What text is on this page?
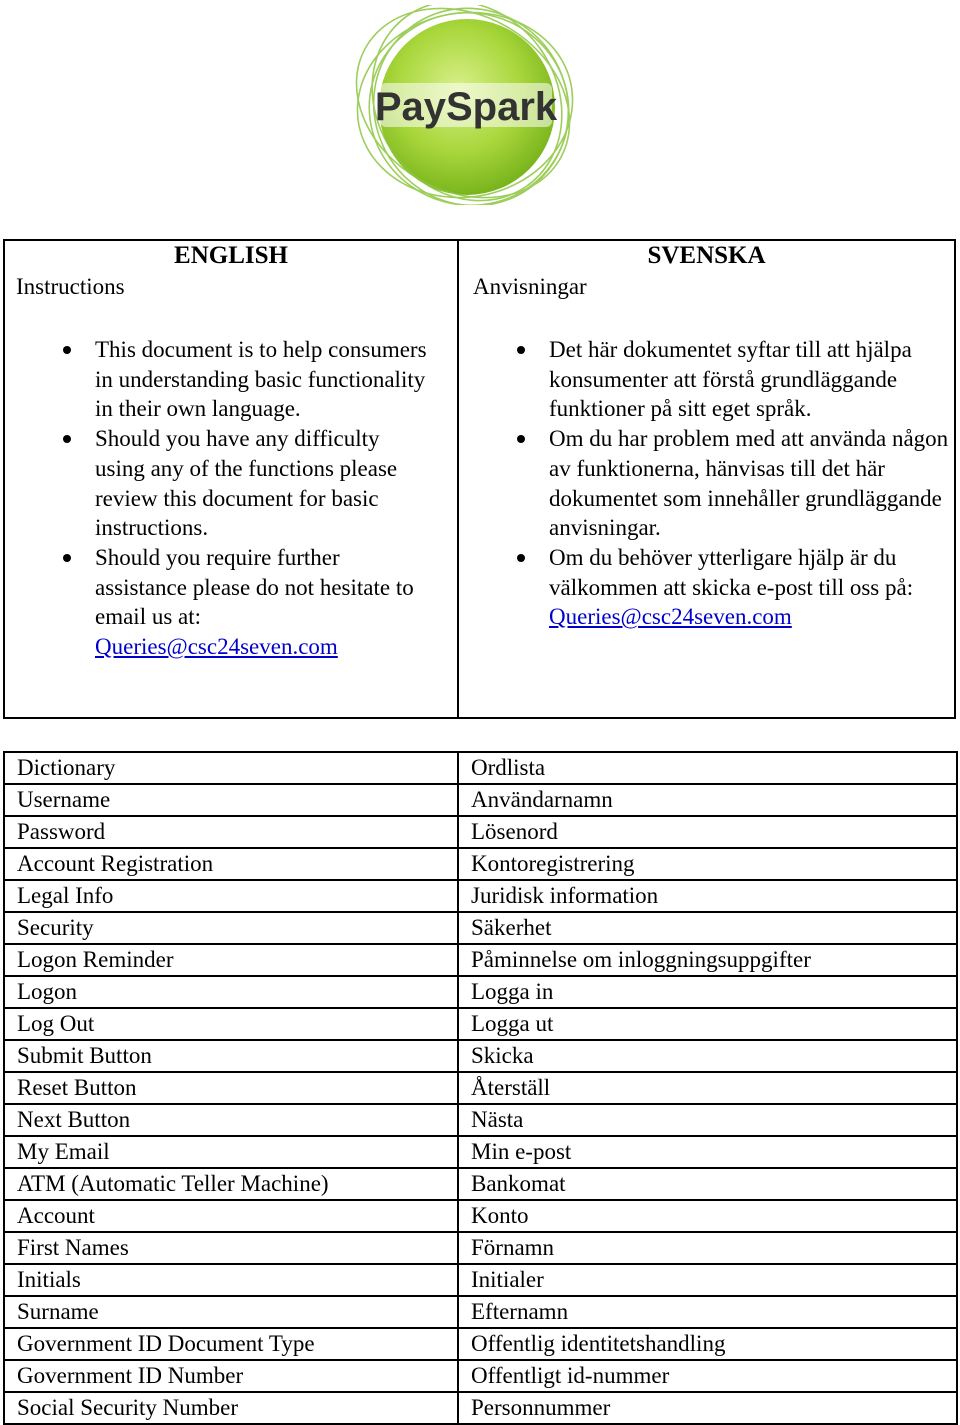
PaySpark
ENGLISH
Instructions
This document is to help consumers in understanding basic functionality in their own language.
Should you have any difficulty using any of the functions please review this document for basic instructions.
Should you require further assistance please do not hesitate to email us at: Queries@csc24seven.com
SVENSKA
Anvisningar
Det här dokumentet syftar till att hjälpa konsumenter att förstå grundläggande funktioner på sitt eget språk.
Om du har problem med att använda någon av funktionerna, hänvisas till det här dokumentet som innehåller grundläggande anvisningar.
Om du behöver ytterligare hjälp är du välkommen att skicka e-post till oss på: Queries@csc24seven.com
Dictionary	Ordlista
Username	Användarnamn
Password	Lösenord
Account Registration	Kontoregistrering
Legal Info	Juridisk information
Security	Säkerhet
Logon Reminder	Påminnelse om inloggningsuppgifter
Logon	Logga in
Log Out	Logga ut
Submit Button	Skicka
Reset Button	Återställ
Next Button	Nästa
My Email	Min e-post
ATM (Automatic Teller Machine)	Bankomat
Account	Konto
First Names	Förnamn
Initials	Initialer
Surname	Efternamn
Government ID Document Type	Offentlig identitetshandling
Government ID Number	Offentligt id-nummer
Social Security Number	Personnummer
